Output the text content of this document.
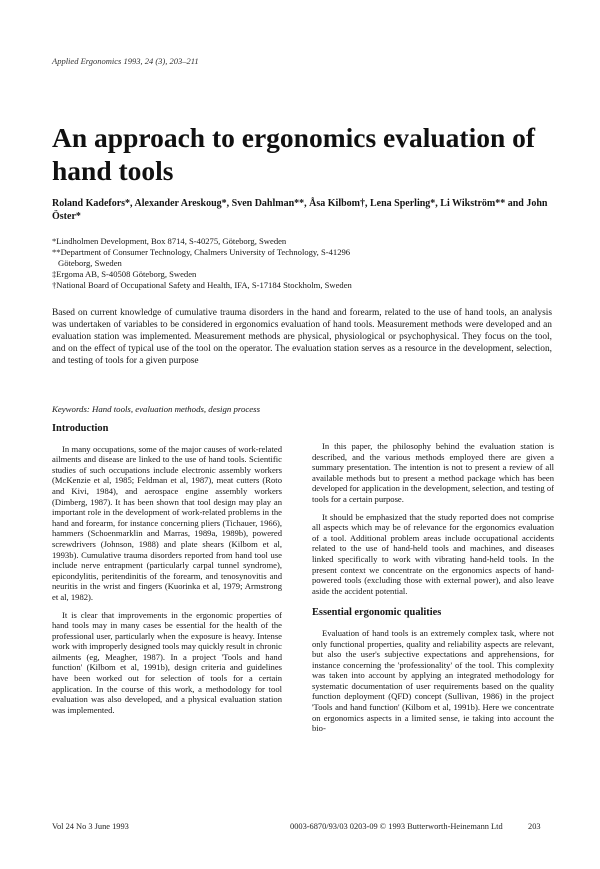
Applied Ergonomics 1993, 24 (3), 203–211
An approach to ergonomics evaluation of hand tools
Roland Kadefors*, Alexander Areskoug*, Sven Dahlman**, Åsa Kilbom†, Lena Sperling*, Li Wikström** and John Öster*
*Lindholmen Development, Box 8714, S-40275, Göteborg, Sweden
**Department of Consumer Technology, Chalmers University of Technology, S-41296
Göteborg, Sweden
‡Ergoma AB, S-40508 Göteborg, Sweden
†National Board of Occupational Safety and Health, IFA, S-17184 Stockholm, Sweden
Based on current knowledge of cumulative trauma disorders in the hand and forearm, related to the use of hand tools, an analysis was undertaken of variables to be considered in ergonomics evaluation of hand tools. Measurement methods were developed and an evaluation station was implemented. Measurement methods are physical, physiological or psychophysical. They focus on the tool, and on the effect of typical use of the tool on the operator. The evaluation station serves as a resource in the development, selection, and testing of tools for a given purpose
Keywords: Hand tools, evaluation methods, design process
Introduction

In many occupations, some of the major causes of work-related ailments and disease are linked to the use of hand tools. Scientific studies of such occupations include electronic assembly workers (McKenzie et al, 1985; Feldman et al, 1987), meat cutters (Roto and Kivi, 1984), and aerospace engine assembly workers (Dimberg, 1987). It has been shown that tool design may play an important role in the development of work-related problems in the hand and forearm, for instance concerning pliers (Tichauer, 1966), hammers (Schoenmarklin and Marras, 1989a, 1989b), powered screwdrivers (Johnson, 1988) and plate shears (Kilbom et al, 1993b). Cumulative trauma disorders reported from hand tool use include nerve entrapment (particularly carpal tunnel syndrome), epicondylitis, peritendinitis of the forearm, and tenosynovitis and neuritis in the wrist and fingers (Kuorinka et al, 1979; Armstrong et al, 1982).

It is clear that improvements in the ergonomic properties of hand tools may in many cases be essential for the health of the professional user, particularly when the exposure is heavy. Intense work with improperly designed tools may quickly result in chronic ailments (eg, Meagher, 1987). In a project 'Tools and hand function' (Kilbom et al, 1991b), design criteria and guidelines have been worked out for selection of tools for a certain application. In the course of this work, a methodology for tool evaluation was also developed, and a physical evaluation station was implemented.

In this paper, the philosophy behind the evaluation station is described, and the various methods employed there are given a summary presentation. The intention is not to present a review of all available methods but to present a method package which has been developed for application in the development, selection, and testing of tools for a certain purpose.

It should be emphasized that the study reported does not comprise all aspects which may be of relevance for the ergonomics evaluation of a tool. Additional problem areas include occupational accidents related to the use of hand-held tools and machines, and diseases linked specifically to work with vibrating hand-held tools. In the present context we concentrate on the ergonomics aspects of hand-powered tools (excluding those with external power), and also leave aside the accident potential.

Essential ergonomic qualities

Evaluation of hand tools is an extremely complex task, where not only functional properties, quality and reliability aspects are relevant, but also the user's subjective expectations and apprehensions, for instance concerning the 'professionality' of the tool. This complexity was taken into account by applying an integrated methodology for systematic documentation of user requirements based on the quality function deployment (QFD) concept (Sullivan, 1986) in the project 'Tools and hand function' (Kilbom et al, 1991b). Here we concentrate on ergonomics aspects in a limited sense, ie taking into account the bio-

Vol 24 No 3 June 1993	0003-6870/93/03 0203-09 © 1993 Butterworth-Heinemann Ltd	203
